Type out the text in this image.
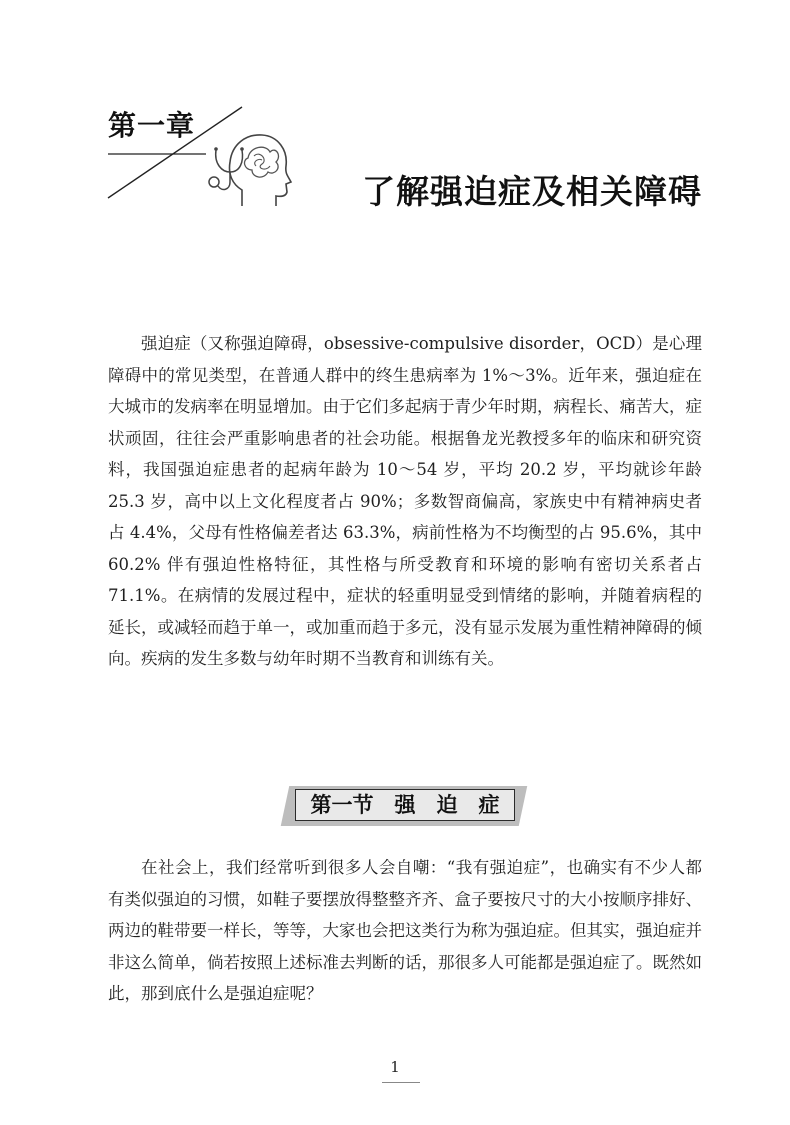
第一章
了解强迫症及相关障碍

强迫症（又称强迫障碍，obsessive-compulsive disorder，OCD）是心理障碍中的常见类型，在普通人群中的终生患病率为 1%～3%。近年来，强迫症在大城市的发病率在明显增加。由于它们多起病于青少年时期，病程长、痛苦大，症状顽固，往往会严重影响患者的社会功能。根据鲁龙光教授多年的临床和研究资料，我国强迫症患者的起病年龄为 10～54 岁，平均 20.2 岁，平均就诊年龄 25.3 岁，高中以上文化程度者占 90%；多数智商偏高，家族史中有精神病史者占 4.4%，父母有性格偏差者达 63.3%，病前性格为不均衡型的占 95.6%，其中 60.2% 伴有强迫性格特征，其性格与所受教育和环境的影响有密切关系者占 71.1%。在病情的发展过程中，症状的轻重明显受到情绪的影响，并随着病程的延长，或减轻而趋于单一，或加重而趋于多元，没有显示发展为重性精神障碍的倾向。疾病的发生多数与幼年时期不当教育和训练有关。

第一节　强　迫　症

在社会上，我们经常听到很多人会自嘲：“我有强迫症”，也确实有不少人都有类似强迫的习惯，如鞋子要摆放得整整齐齐、盒子要按尺寸的大小按顺序排好、两边的鞋带要一样长，等等，大家也会把这类行为称为强迫症。但其实，强迫症并非这么简单，倘若按照上述标准去判断的话，那很多人可能都是强迫症了。既然如此，那到底什么是强迫症呢？

1
